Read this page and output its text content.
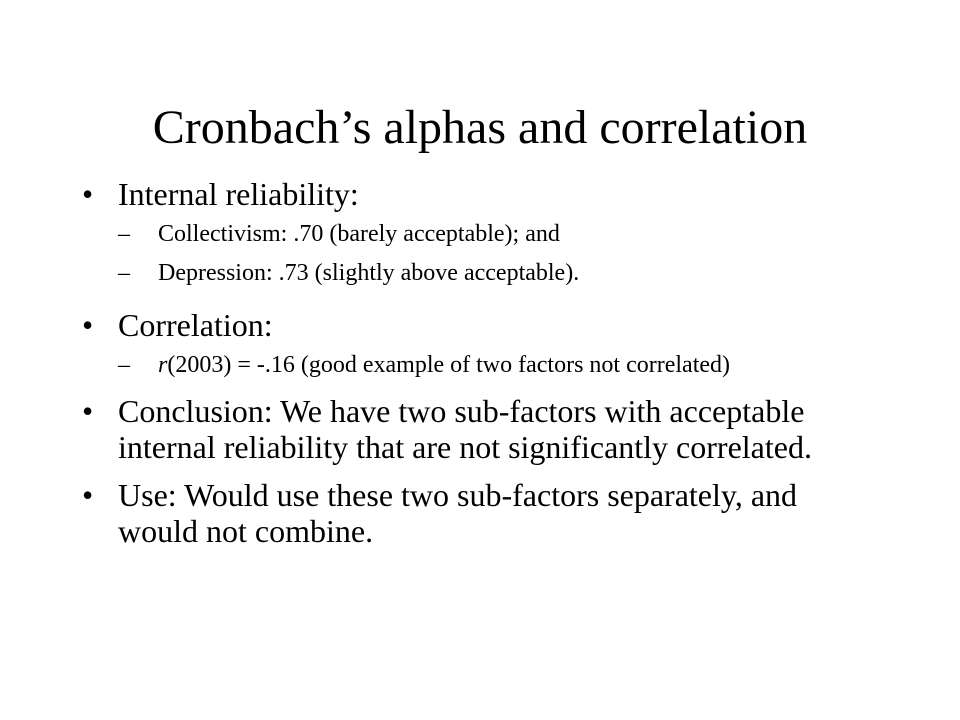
Cronbach’s alphas and correlation
• Internal reliability:
– Collectivism: .70 (barely acceptable); and
– Depression: .73 (slightly above acceptable).
• Correlation:
– r(2003) = -.16 (good example of two factors not correlated)
• Conclusion: We have two sub-factors with acceptable internal reliability that are not significantly correlated.
• Use: Would use these two sub-factors separately, and would not combine.
